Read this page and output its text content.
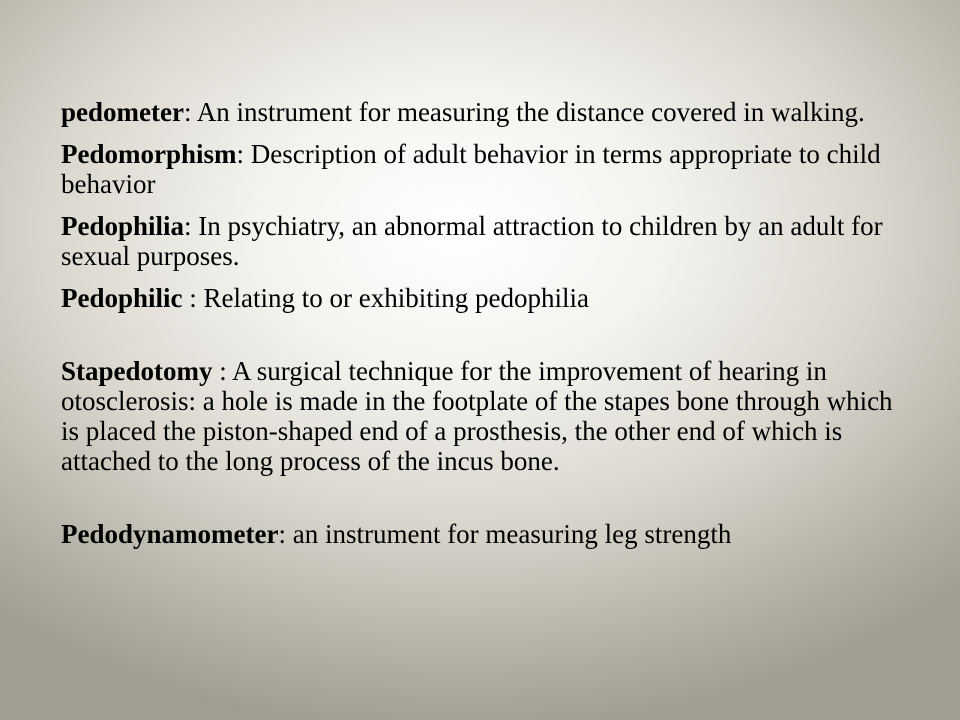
pedometer: An instrument for measuring the distance covered in walking.

Pedomorphism: Description of adult behavior in terms appropriate to child behavior

Pedophilia: In psychiatry, an abnormal attraction to children by an adult for sexual purposes.

Pedophilic : Relating to or exhibiting pedophilia

Stapedotomy : A surgical technique for the improvement of hearing in otosclerosis: a hole is made in the footplate of the stapes bone through which is placed the piston-shaped end of a prosthesis, the other end of which is attached to the long process of the incus bone.

Pedodynamometer: an instrument for measuring leg strength
